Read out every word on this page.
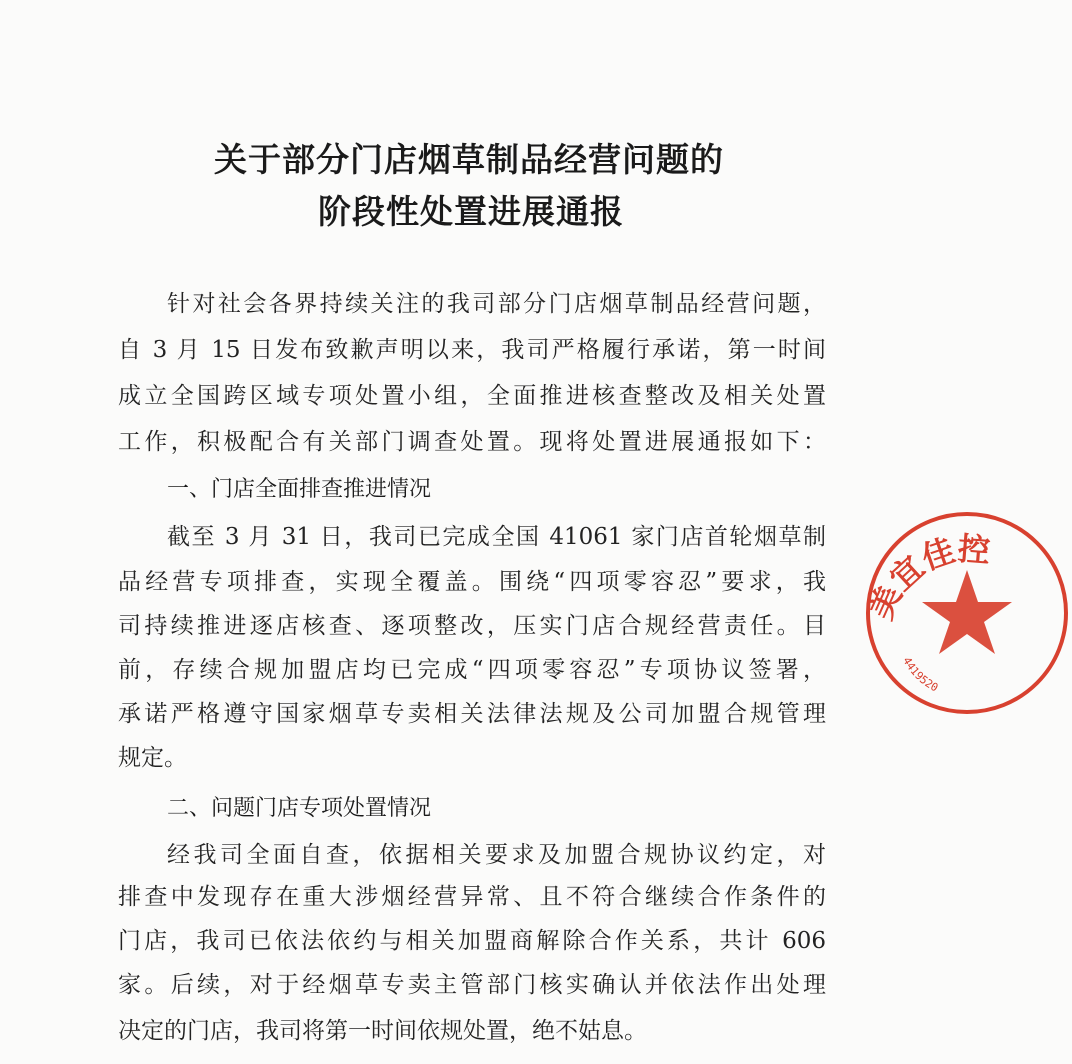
关于部分门店烟草制品经营问题的
阶段性处置进展通报
针对社会各界持续关注的我司部分门店烟草制品经营问题，
自 3 月 15 日发布致歉声明以来，我司严格履行承诺，第一时间
成立全国跨区域专项处置小组，全面推进核查整改及相关处置
工作，积极配合有关部门调查处置。现将处置进展通报如下：
一、门店全面排查推进情况
截至 3 月 31 日，我司已完成全国 41061 家门店首轮烟草制
品经营专项排查，实现全覆盖。围绕“四项零容忍”要求，我
司持续推进逐店核查、逐项整改，压实门店合规经营责任。目
前，存续合规加盟店均已完成“四项零容忍”专项协议签署，
承诺严格遵守国家烟草专卖相关法律法规及公司加盟合规管理
规定。
二、问题门店专项处置情况
经我司全面自查，依据相关要求及加盟合规协议约定，对
排查中发现存在重大涉烟经营异常、且不符合继续合作条件的
门店，我司已依法依约与相关加盟商解除合作关系，共计 606
家。后续，对于经烟草专卖主管部门核实确认并依法作出处理
决定的门店，我司将第一时间依规处置，绝不姑息。
美宜佳控
4419520
